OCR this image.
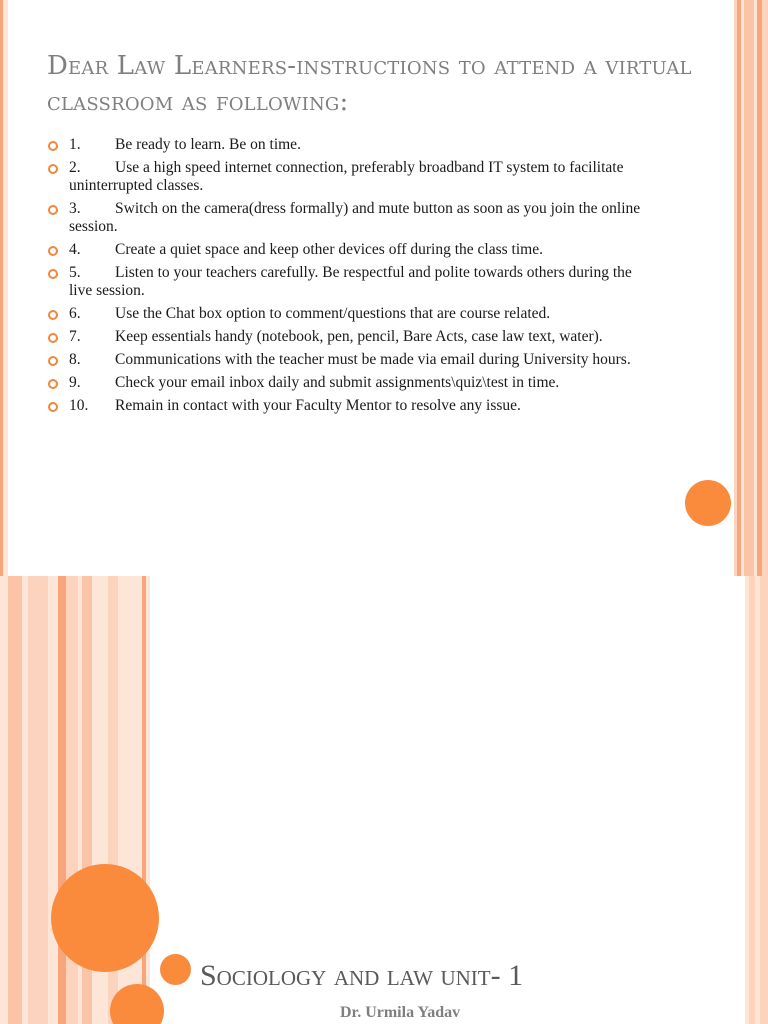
Dear Law Learners-instructions to attend a virtual classroom as following:
1. Be ready to learn. Be on time.
2. Use a high speed internet connection, preferably broadband IT system to facilitate uninterrupted classes.
3. Switch on the camera(dress formally) and mute button as soon as you join the online session.
4. Create a quiet space and keep other devices off during the class time.
5. Listen to your teachers carefully. Be respectful and polite towards others during the live session.
6. Use the Chat box option to comment/questions that are course related.
7. Keep essentials handy (notebook, pen, pencil, Bare Acts, case law text, water).
8. Communications with the teacher must be made via email during University hours.
9. Check your email inbox daily and submit assignments\quiz\test in time.
10. Remain in contact with your Faculty Mentor to resolve any issue.
Sociology and law unit- 1
Dr. Urmila Yadav
